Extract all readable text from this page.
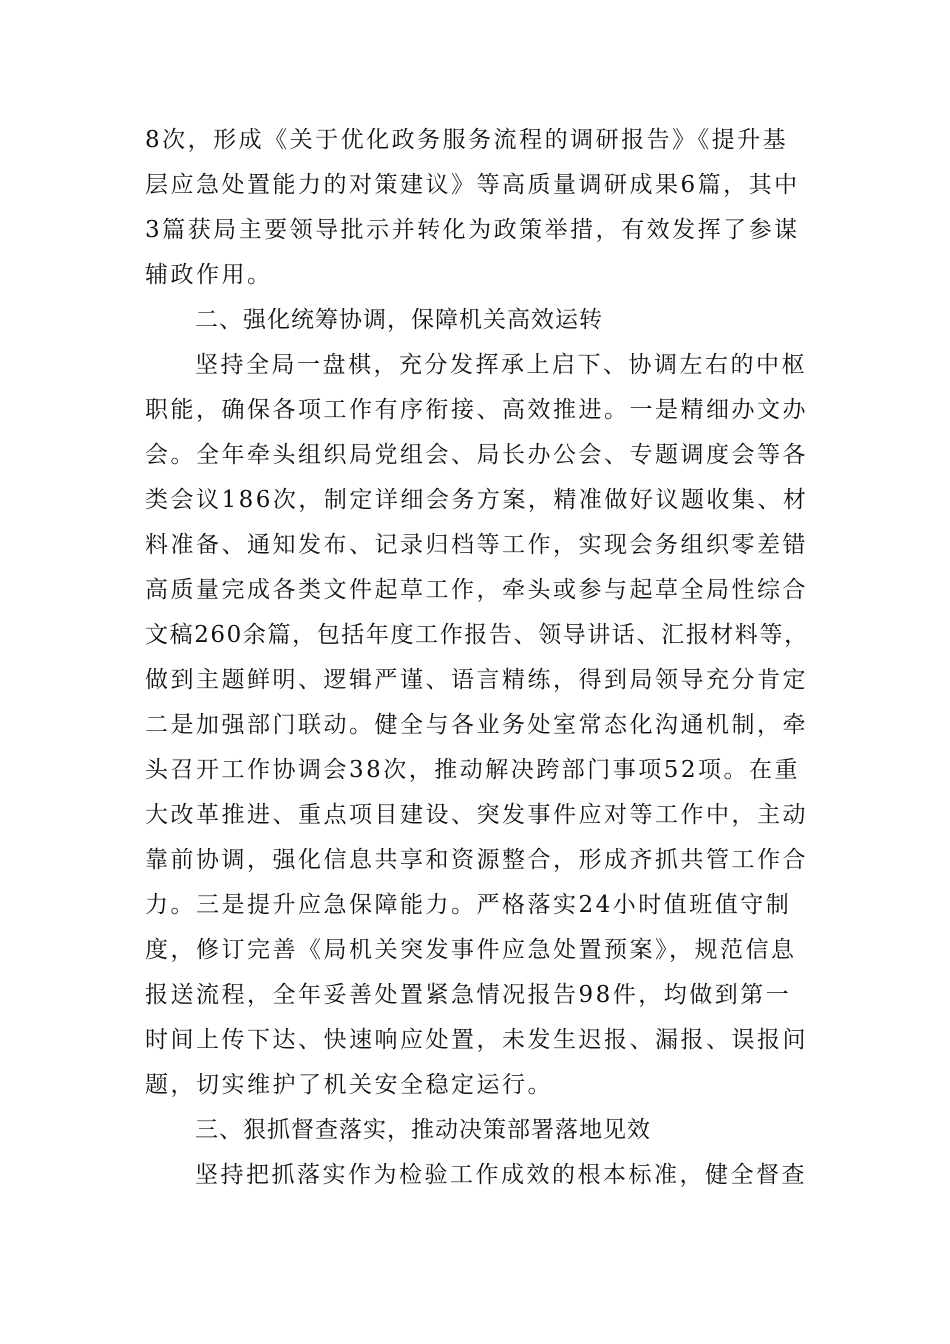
8次，形成《关于优化政务服务流程的调研报告》《提升基
层应急处置能力的对策建议》等高质量调研成果6篇，其中
3篇获局主要领导批示并转化为政策举措，有效发挥了参谋
辅政作用。
二、强化统筹协调，保障机关高效运转
坚持全局一盘棋，充分发挥承上启下、协调左右的中枢
职能，确保各项工作有序衔接、高效推进。一是精细办文办
会。全年牵头组织局党组会、局长办公会、专题调度会等各
类会议186次，制定详细会务方案，精准做好议题收集、材
料准备、通知发布、记录归档等工作，实现会务组织零差错
高质量完成各类文件起草工作，牵头或参与起草全局性综合
文稿260余篇，包括年度工作报告、领导讲话、汇报材料等，
做到主题鲜明、逻辑严谨、语言精练，得到局领导充分肯定
二是加强部门联动。健全与各业务处室常态化沟通机制，牵
头召开工作协调会38次，推动解决跨部门事项52项。在重
大改革推进、重点项目建设、突发事件应对等工作中，主动
靠前协调，强化信息共享和资源整合，形成齐抓共管工作合
力。三是提升应急保障能力。严格落实24小时值班值守制
度，修订完善《局机关突发事件应急处置预案》，规范信息
报送流程，全年妥善处置紧急情况报告98件，均做到第一
时间上传下达、快速响应处置，未发生迟报、漏报、误报问
题，切实维护了机关安全稳定运行。
三、狠抓督查落实，推动决策部署落地见效
坚持把抓落实作为检验工作成效的根本标准，健全督查
